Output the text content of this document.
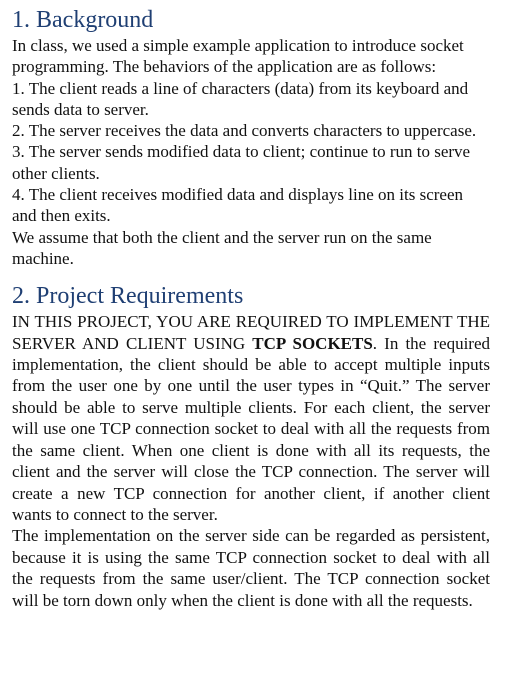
1. Background

In class, we used a simple example application to introduce socket programming. The behaviors of the application are as follows:

1. The client reads a line of characters (data) from its keyboard and sends data to server.

2. The server receives the data and converts characters to uppercase.

3. The server sends modified data to client; continue to run to serve other clients.

4. The client receives modified data and displays line on its screen and then exits.

We assume that both the client and the server run on the same machine.

2. Project Requirements

IN THIS PROJECT, YOU ARE REQUIRED TO IMPLEMENT THE SERVER AND CLIENT USING TCP SOCKETS. In the required implementation, the client should be able to accept multiple inputs from the user one by one until the user types in “Quit.” The server should be able to serve multiple clients. For each client, the server will use one TCP connection socket to deal with all the requests from the same client. When one client is done with all its requests, the client and the server will close the TCP connection. The server will create a new TCP connection for another client, if another client wants to connect to the server.

The implementation on the server side can be regarded as persistent, because it is using the same TCP connection socket to deal with all the requests from the same user/client. The TCP connection socket will be torn down only when the client is done with all the requests.
